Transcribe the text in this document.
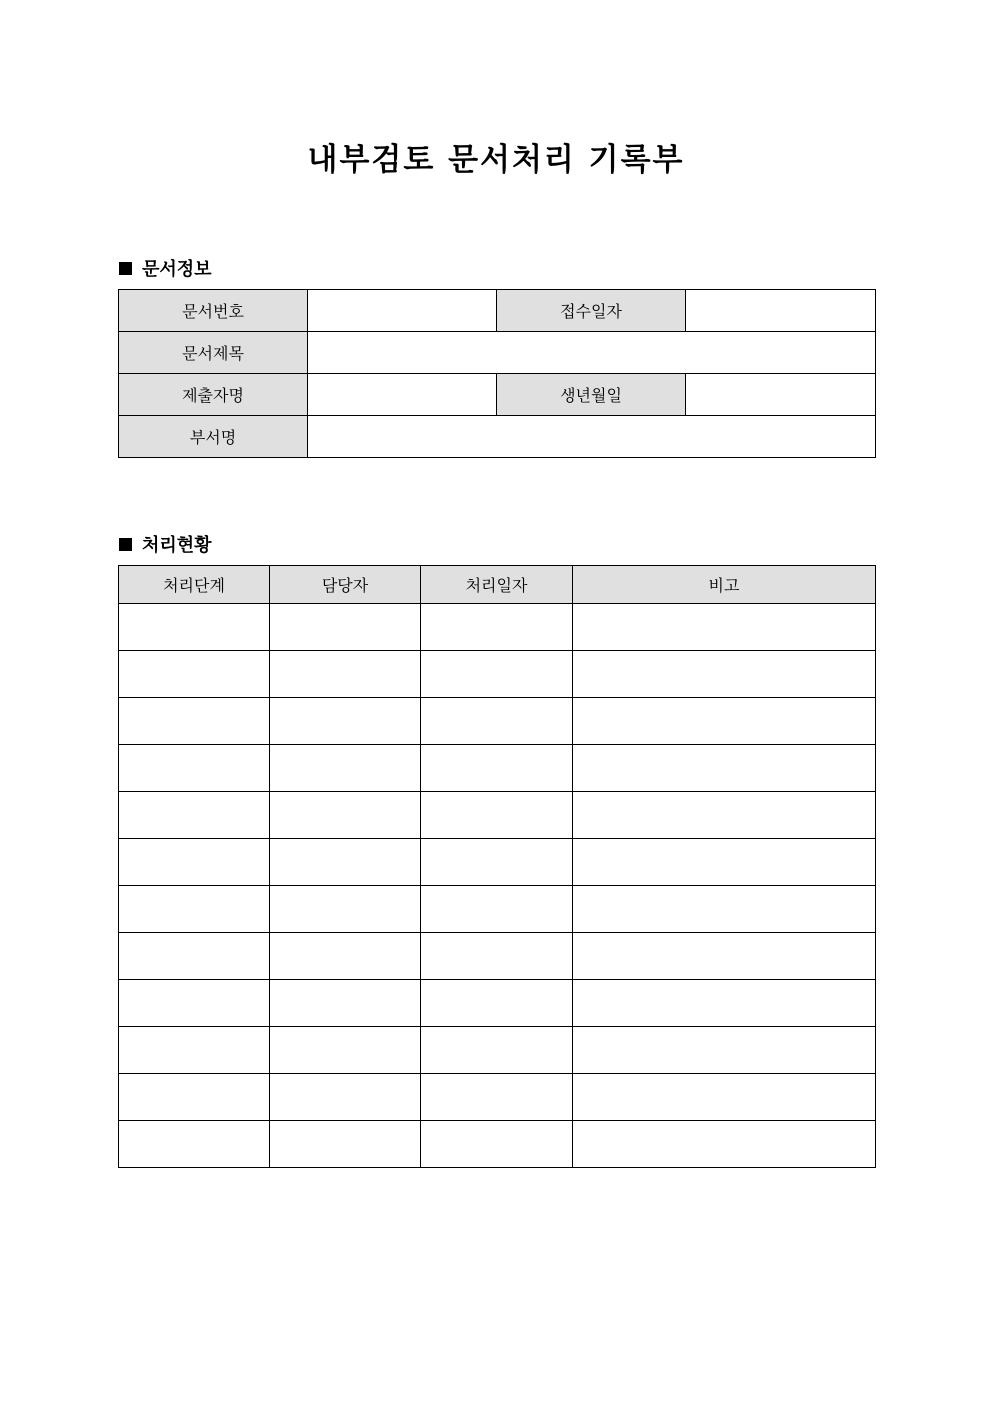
내부검토 문서처리 기록부
문서정보
문서번호		접수일자	
문서제목			
제출자명		생년월일	
부서명			
처리현황
처리단계	담당자	처리일자	비고
